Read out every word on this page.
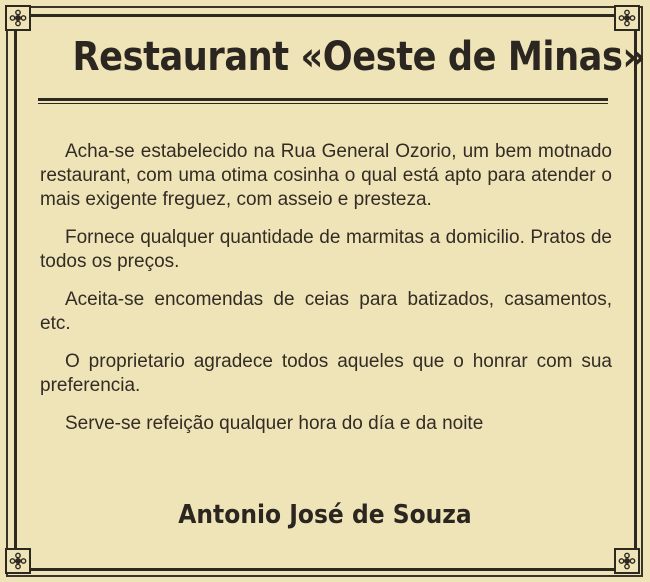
Restaurant «Oeste de Minas»

Acha-se estabelecido na Rua General Ozorio, um bem motnado restaurant, com uma otima cosinha o qual está apto para atender o mais exigente freguez, com asseio e presteza.

Fornece qualquer quantidade de marmitas a domicilio. Pratos de todos os preços.

Aceita-se encomendas de ceias para batizados, casamentos, etc.

O proprietario agradece todos aqueles que o honrar com sua preferencia.

Serve-se refeição qualquer hora do día e da noite

Antonio José de Souza
